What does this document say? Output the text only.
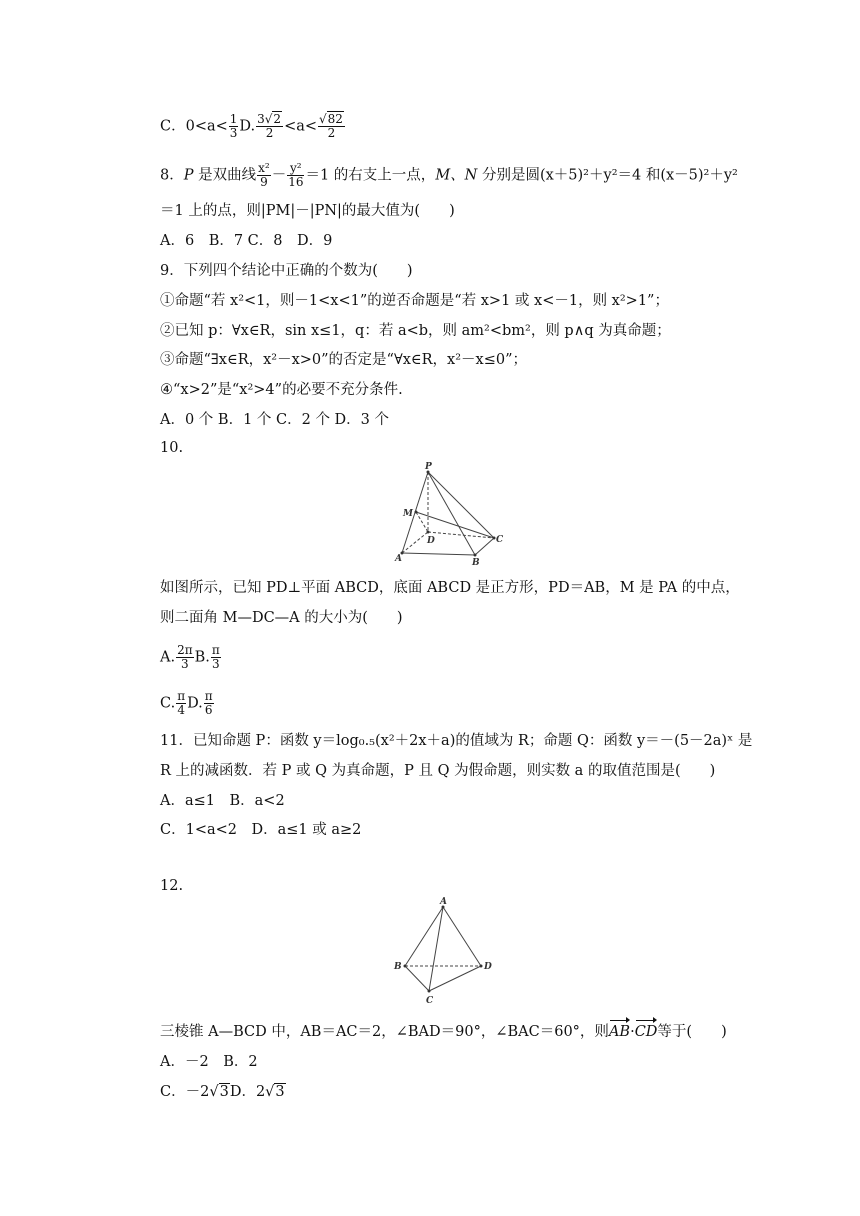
C．$0<a< \frac{1}{3} D$. $\frac{3√2}{2} <a< \frac{√82}{2}$
8．P 是双曲线 $\frac{\text{x²}}{9} - \frac{\text{y²}}{16} =1$ 的右支上一点，M、N 分别是圆(x＋5)²＋y²＝4 和(x－5)²＋y²
＝1 上的点，则|PM|－|PN|的最大值为(　　)
A．6　B．7 C．8　D．9
9．下列四个结论中正确的个数为(　　)
①命题“若 x²<1，则－1<x<1”的逆否命题是“若 x>1 或 x<－1，则 x²>1”；
②已知 p：∀x∈R，sin x≤1，q：若 a<b，则 am²<bm²，则 p∧q 为真命题；
③命题“∃x∈R，x²－x>0”的否定是“∀x∈R，x²－x≤0”；
④“x>2”是“x²>4”的必要不充分条件.
A．0 个 B．1 个 C．2 个 D．3 个
10.
P
M
D	C
A	B
如图所示，已知 PD⊥平面 ABCD，底面 ABCD 是正方形，PD＝AB，M 是 PA 的中点，
则二面角 M—DC—A 的大小为(　　)
A. $\frac{2\pi}{3} B$. $\frac{\pi}{3}$
C. $\frac{\pi}{4} D$. $\frac{\pi}{6}$
11．已知命题 P：函数 y＝log₀.₅(x²＋2x＋a)的值域为 R；命题 Q：函数 y＝－(5－2a)ˣ 是
R 上的减函数．若 P 或 Q 为真命题，P 且 Q 为假命题，则实数 a 的取值范围是(　　)
A．a≤1　B．a<2
C．1<a<2　D．a≤1 或 a≥2
12.
A
B
C
D
三棱锥 A—BCD 中，AB＝AC＝2，∠BAD＝90°，∠BAC＝60°，则AB·CD等于(　　)
A．－2　B．2
C．－2√3D．2√3
